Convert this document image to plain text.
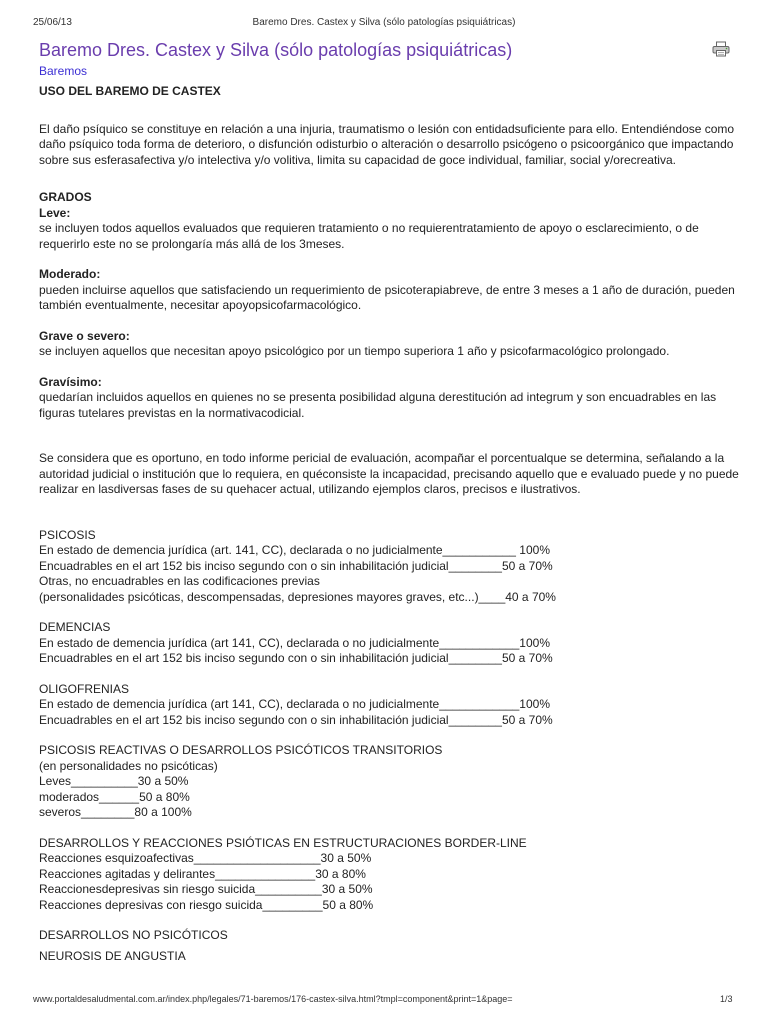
25/06/13	Baremo Dres. Castex y Silva (sólo patologías psiquiátricas)
Baremo Dres. Castex y Silva (sólo patologías psiquiátricas)
Baremos

USO DEL BAREMO DE CASTEX

El daño psíquico se constituye en relación a una injuria, traumatismo o lesión con entidadsuficiente para ello. Entendiéndose como daño psíquico toda forma de deterioro, o disfunción odisturbio o alteración o desarrollo psicógeno o psicoorgánico que impactando sobre sus esferasafectiva y/o intelectiva y/o volitiva, limita su capacidad de goce individual, familiar, social y/orecreativa.

GRADOS

Leve:

se incluyen todos aquellos evaluados que requieren tratamiento o no requierentratamiento de apoyo o esclarecimiento, o de requerirlo este no se prolongaría más allá de los 3meses.

Moderado:

pueden incluirse aquellos que satisfaciendo un requerimiento de psicoterapiabreve, de entre 3 meses a 1 año de duración, pueden también eventualmente, necesitar apoyopsicofarmacológico.

Grave o severo:

se incluyen aquellos que necesitan apoyo psicológico por un tiempo superiora 1 año y psicofarmacológico prolongado.

Gravísimo:

quedarían incluidos aquellos en quienes no se presenta posibilidad alguna derestitución ad integrum y son encuadrables en las figuras tutelares previstas en la normativacodicial.

Se considera que es oportuno, en todo informe pericial de evaluación, acompañar el porcentualque se determina, señalando a la autoridad judicial o institución que lo requiera, en quéconsiste la incapacidad, precisando aquello que e evaluado puede y no puede realizar en lasdiversas fases de su quehacer actual, utilizando ejemplos claros, precisos e ilustrativos.

PSICOSIS

En estado de demencia jurídica (art. 141, CC), declarada o no judicialmente___________ 100%

Encuadrables en el art 152 bis inciso segundo con o sin inhabilitación judicial________50 a 70%

Otras, no encuadrables en las codificaciones previas

(personalidades psicóticas, descompensadas, depresiones mayores graves, etc...)____40 a 70%

DEMENCIAS

En estado de demencia jurídica (art 141, CC), declarada o no judicialmente____________100%

Encuadrables en el art 152 bis inciso segundo con o sin inhabilitación judicial________50 a 70%

OLIGOFRENIAS

En estado de demencia jurídica (art 141, CC), declarada o no judicialmente____________100%

Encuadrables en el art 152 bis inciso segundo con o sin inhabilitación judicial________50 a 70%

PSICOSIS REACTIVAS O DESARROLLOS PSICÓTICOS TRANSITORIOS

(en personalidades no psicóticas)

Leves__________30 a 50%

moderados______50 a 80%

severos________80 a 100%

DESARROLLOS Y REACCIONES PSIÓTICAS EN ESTRUCTURACIONES BORDER-LINE

Reacciones esquizoafectivas___________________30 a 50%

Reacciones agitadas y delirantes_______________30 a 80%

Reaccionesdepresivas sin riesgo suicida__________30 a 50%

Reacciones depresivas con riesgo suicida_________50 a 80%

DESARROLLOS NO PSICÓTICOS

NEUROSIS DE ANGUSTIA

www.portaldesaludmental.com.ar/index.php/legales/71-baremos/176-castex-silva.html?tmpl=component&print=1&page=	1/3
